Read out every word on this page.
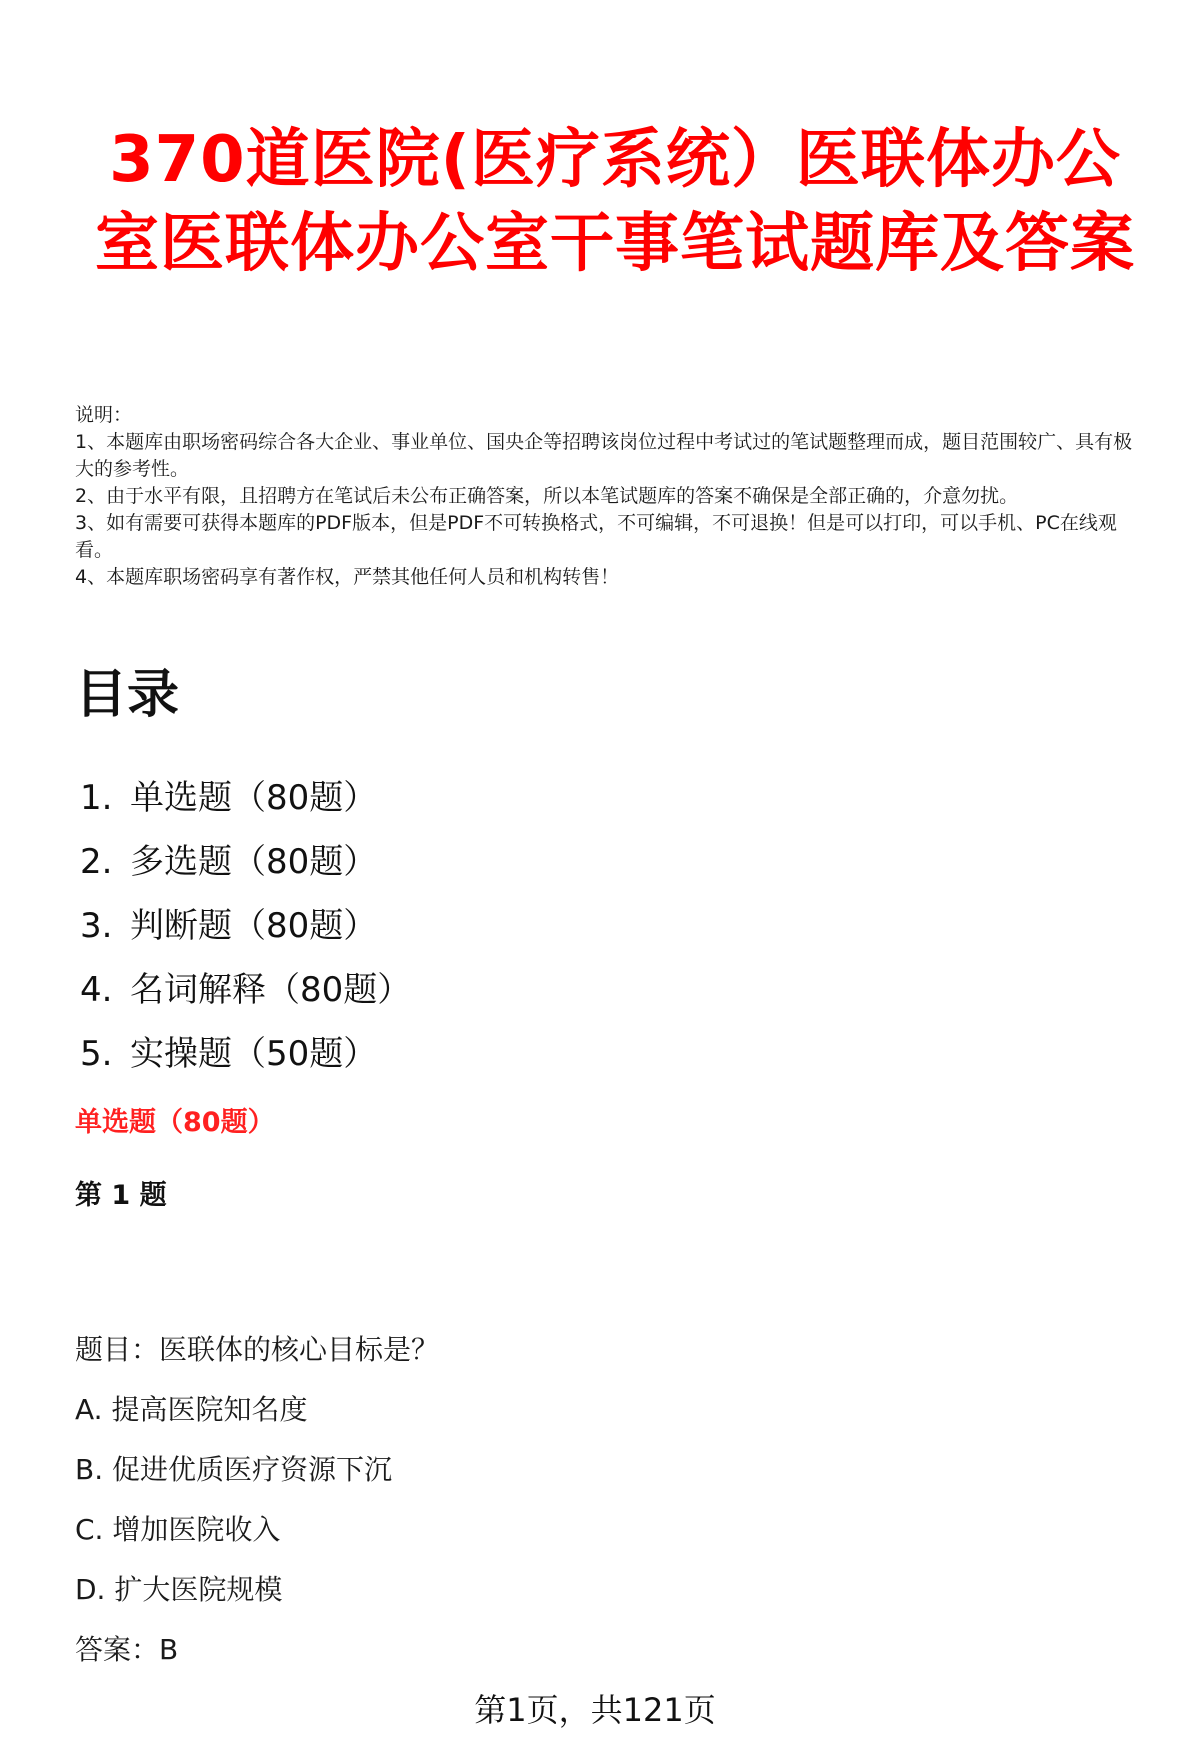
370道医院(医疗系统）医联体办公室医联体办公室干事笔试题库及答案

说明：

1、本题库由职场密码综合各大企业、事业单位、国央企等招聘该岗位过程中考试过的笔试题整理而成，题目范围较广、具有极大的参考性。

2、由于水平有限，且招聘方在笔试后未公布正确答案，所以本笔试题库的答案不确保是全部正确的，介意勿扰。

3、如有需要可获得本题库的PDF版本，但是PDF不可转换格式，不可编辑，不可退换！但是可以打印，可以手机、PC在线观看。

4、本题库职场密码享有著作权，严禁其他任何人员和机构转售！

目录
1. 单选题（80题）
2. 多选题（80题）
3. 判断题（80题）
4. 名词解释（80题）
5. 实操题（50题）
单选题（80题）
第 1 题

题目：医联体的核心目标是？

A. 提高医院知名度

B. 促进优质医疗资源下沉

C. 增加医院收入

D. 扩大医院规模

答案：B

第1页，共121页
